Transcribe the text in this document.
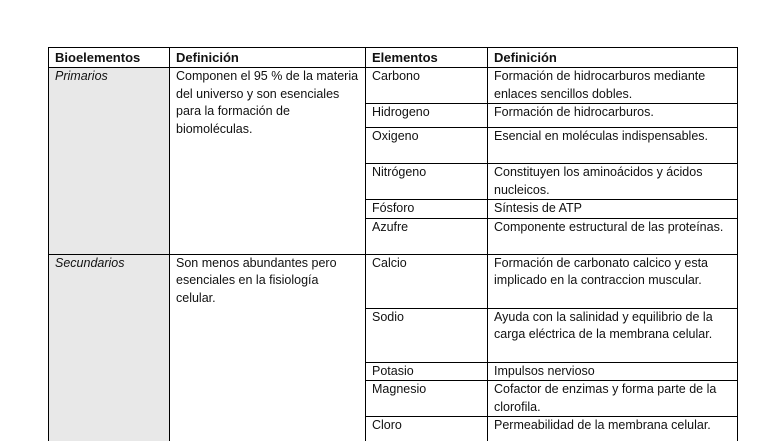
Bioelementos	Definición	Elementos	Definición
Primarios	Componen el 95 % de la materia del universo y son esenciales para la formación de biomoléculas.	Carbono	Formación de hidrocarburos mediante enlaces sencillos dobles.
		Hidrogeno	Formación de hidrocarburos.
		Oxigeno	Esencial en moléculas indispensables.
		Nitrógeno	Constituyen los aminoácidos y ácidos nucleicos.
		Fósforo	Síntesis de ATP
		Azufre	Componente estructural de las proteínas.
Secundarios	Son menos abundantes pero esenciales en la fisiología celular.	Calcio	Formación de carbonato calcico y esta implicado en la contraccion muscular.
		Sodio	Ayuda con la salinidad y equilibrio de la carga eléctrica de la membrana celular.
		Potasio	Impulsos nervioso
		Magnesio	Cofactor de enzimas y forma parte de la clorofila.
		Cloro	Permeabilidad de la membrana celular.
